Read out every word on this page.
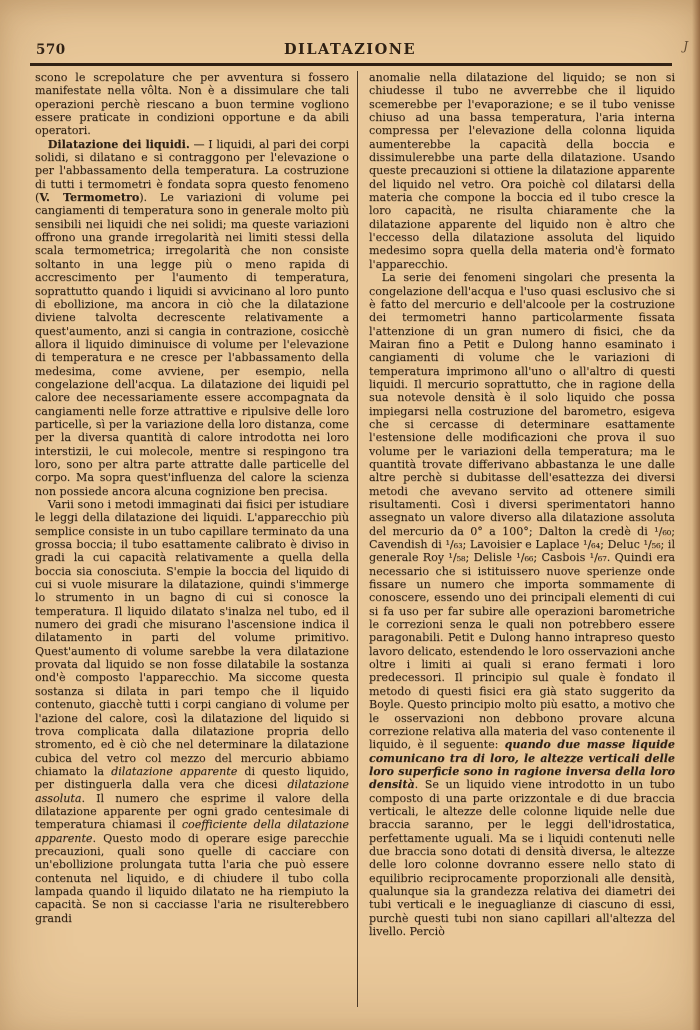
570	DILATAZIONE	J

scono le screpolature che per avventura si fossero manifestate nella vôlta. Non è a dissimulare che tali operazioni perchè riescano a buon termine vogliono essere praticate in condizioni opportune e da abili operatori.

Dilatazione dei liquidi. — I liquidi, al pari dei corpi solidi, si dilatano e si contraggono per l'elevazione o per l'abbassamento della temperatura. La costruzione di tutti i termometri è fondata sopra questo fenomeno (V. Termometro). Le variazioni di volume pei cangiamenti di temperatura sono in generale molto più sensibili nei liquidi che nei solidi; ma queste variazioni offrono una grande irregolarità nei limiti stessi della scala termometrica; irregolarità che non consiste soltanto in una legge più o meno rapida di accrescimento per l'aumento di temperatura, soprattutto quando i liquidi si avvicinano al loro punto di ebollizione, ma ancora in ciò che la dilatazione diviene talvolta decrescente relativamente a quest'aumento, anzi si cangia in contrazione, cosicchè allora il liquido diminuisce di volume per l'elevazione di temperatura e ne cresce per l'abbassamento della medesima, come avviene, per esempio, nella congelazione dell'acqua. La dilatazione dei liquidi pel calore dee necessariamente essere accompagnata da cangiamenti nelle forze attrattive e ripulsive delle loro particelle, sì per la variazione della loro distanza, come per la diversa quantità di calore introdotta nei loro interstizii, le cui molecole, mentre si respingono tra loro, sono per altra parte attratte dalle particelle del corpo. Ma sopra quest'influenza del calore la scienza non possiede ancora alcuna cognizione ben precisa.

Varii sono i metodi immaginati dai fisici per istudiare le leggi della dilatazione dei liquidi. L'apparecchio più semplice consiste in un tubo capillare terminato da una grossa boccia; il tubo esattamente calibrato è diviso in gradi la cui capacità relativamente a quella della boccia sia conosciuta. S'empie la boccia del liquido di cui si vuole misurare la dilatazione, quindi s'immerge lo strumento in un bagno di cui si conosce la temperatura. Il liquido dilatato s'inalza nel tubo, ed il numero dei gradi che misurano l'ascensione indica il dilatamento in parti del volume primitivo. Quest'aumento di volume sarebbe la vera dilatazione provata dal liquido se non fosse dilatabile la sostanza ond'è composto l'apparecchio. Ma siccome questa sostanza si dilata in pari tempo che il liquido contenuto, giacchè tutti i corpi cangiano di volume per l'azione del calore, così la dilatazione del liquido si trova complicata dalla dilatazione propria dello stromento, ed è ciò che nel determinare la dilatazione cubica del vetro col mezzo del mercurio abbiamo chiamato la dilatazione apparente di questo liquido, per distinguerla dalla vera che dicesi dilatazione assoluta. Il numero che esprime il valore della dilatazione apparente per ogni grado centesimale di temperatura chiamasi il coefficiente della dilatazione apparente. Questo modo di operare esige parecchie precauzioni, quali sono quelle di cacciare con un'ebollizione prolungata tutta l'aria che può essere contenuta nel liquido, e di chiudere il tubo colla lampada quando il liquido dilatato ne ha riempiuto la capacità. Se non si cacciasse l'aria ne risulterebbero grandi

anomalie nella dilatazione del liquido; se non si chiudesse il tubo ne avverrebbe che il liquido scemerebbe per l'evaporazione; e se il tubo venisse chiuso ad una bassa temperatura, l'aria interna compressa per l'elevazione della colonna liquida aumenterebbe la capacità della boccia e dissimulerebbe una parte della dilatazione. Usando queste precauzioni si ottiene la dilatazione apparente del liquido nel vetro. Ora poichè col dilatarsi della materia che compone la boccia ed il tubo cresce la loro capacità, ne risulta chiaramente che la dilatazione apparente del liquido non è altro che l'eccesso della dilatazione assoluta del liquido medesimo sopra quella della materia ond'è formato l'apparecchio.

La serie dei fenomeni singolari che presenta la congelazione dell'acqua e l'uso quasi esclusivo che si è fatto del mercurio e dell'alcoole per la costruzione dei termometri hanno particolarmente fissata l'attenzione di un gran numero di fisici, che da Mairan fino a Petit e Dulong hanno esaminato i cangiamenti di volume che le variazioni di temperatura imprimono all'uno o all'altro di questi liquidi. Il mercurio soprattutto, che in ragione della sua notevole densità è il solo liquido che possa impiegarsi nella costruzione del barometro, esigeva che si cercasse di determinare esattamente l'estensione delle modificazioni che prova il suo volume per le variazioni della temperatura; ma le quantità trovate differivano abbastanza le une dalle altre perchè si dubitasse dell'esattezza dei diversi metodi che avevano servito ad ottenere simili risultamenti. Così i diversi sperimentatori hanno assegnato un valore diverso alla dilatazione assoluta del mercurio da 0° a 100°; Dalton la credè di ¹/₆₀; Cavendish di ¹/₆₃; Lavoisier e Laplace ¹/₆₄; Deluc ¹/₅₆; il generale Roy ¹/₅₈; Delisle ¹/₆₆; Casbois ¹/₆₇. Quindi era necessario che si istituissero nuove sperienze onde fissare un numero che importa sommamente di conoscere, essendo uno dei principali elementi di cui si fa uso per far subire alle operazioni barometriche le correzioni senza le quali non potrebbero essere paragonabili. Petit e Dulong hanno intrapreso questo lavoro delicato, estendendo le loro osservazioni anche oltre i limiti ai quali si erano fermati i loro predecessori. Il principio sul quale è fondato il metodo di questi fisici era già stato suggerito da Boyle. Questo principio molto più esatto, a motivo che le osservazioni non debbono provare alcuna correzione relativa alla materia del vaso contenente il liquido, è il seguente: quando due masse liquide comunicano tra di loro, le altezze verticali delle loro superficie sono in ragione inversa della loro densità. Se un liquido viene introdotto in un tubo composto di una parte orizzontale e di due braccia verticali, le altezze delle colonne liquide nelle due braccia saranno, per le leggi dell'idrostatica, perfettamente uguali. Ma se i liquidi contenuti nelle due braccia sono dotati di densità diversa, le altezze delle loro colonne dovranno essere nello stato di equilibrio reciprocamente proporzionali alle densità, qualunque sia la grandezza relativa dei diametri dei tubi verticali e le ineguaglianze di ciascuno di essi, purchè questi tubi non siano capillari all'altezza del livello. Perciò
